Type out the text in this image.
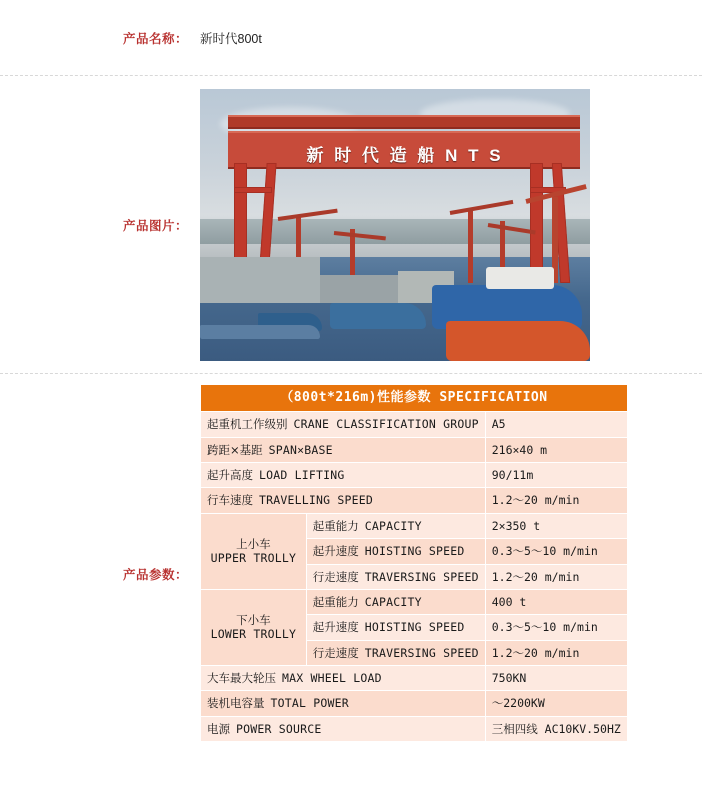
产品名称： 新时代800t
产品图片：
新 时 代 造 船 N T S
产品参数：
（800t*216m)性能参数 SPECIFICATION		
起重机工作级别 CRANE CLASSIFICATION GROUP		A5
跨距×基距 SPAN×BASE		216×40 m
起升高度 LOAD LIFTING		90/11m
行车速度 TRAVELLING SPEED		1.2～20 m/min
上小车
UPPER TROLLY	起重能力 CAPACITY	2×350 t
	起升速度 HOISTING SPEED	0.3～5～10 m/min
	行走速度 TRAVERSING SPEED	1.2～20 m/min
下小车
LOWER TROLLY	起重能力 CAPACITY	400 t
	起升速度 HOISTING SPEED	0.3～5～10 m/min
	行走速度 TRAVERSING SPEED	1.2～20 m/min
大车最大轮压 MAX WHEEL LOAD		750KN
装机电容量 TOTAL POWER		～2200KW
电源 POWER SOURCE		三相四线 AC10KV.50HZ
